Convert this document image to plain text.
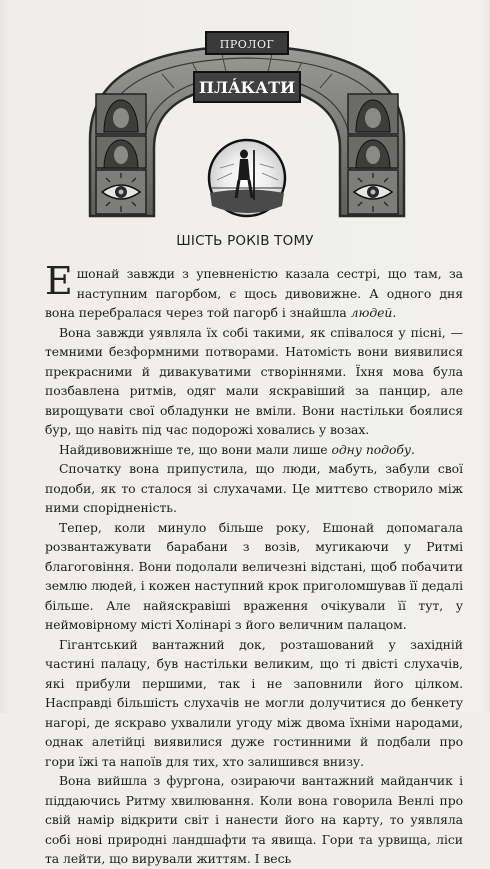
ПРОЛОГ
ПЛÁКАТИ
ШІСТЬ РОКІВ ТОМУ

Ешонай завжди з упевненістю казала сестрі, що там, за наступним пагорбом, є щось дивовижне. А одного дня вона перебралася через той пагорб і знайшла людей.

Вона завжди уявляла їх собі такими, як співалося у пісні, — темними безформними потворами. Натомість вони виявилися прекрасними й дивакуватими створіннями. Їхня мова була позбавлена ритмів, одяг мали яскравіший за панцир, але вирощувати свої обладунки не вміли. Вони настільки боялися бур, що навіть під час подорожі ховались у возах.

Найдивовижніше те, що вони мали лише одну подобу.

Спочатку вона припустила, що люди, мабуть, забули свої подоби, як то сталося зі слухачами. Це миттєво створило між ними спорідненість.

Тепер, коли минуло більше року, Ешонай допомагала розвантажувати барабани з возів, мугикаючи у Ритмі благоговіння. Вони подолали величезні відстані, щоб побачити землю людей, і кожен наступний крок приголомшував її дедалі більше. Але найяскравіші враження очікували її тут, у неймовірному місті Холінарі з його величним палацом.

Гігантський вантажний док, розташований у західній частині палацу, був настільки великим, що ті двісті слухачів, які прибули першими, так і не заповнили його цілком. Насправді більшість слухачів не могли долучитися до бенкету нагорі, де яскраво ухвалили угоду між двома їхніми народами, однак алетійці виявилися дуже гостинними й подбали про гори їжі та напоїв для тих, хто залишився внизу.

Вона вийшла з фургона, озираючи вантажний майданчик і піддаючись Ритму хвилювання. Коли вона говорила Венлі про свій намір відкрити світ і нанести його на карту, то уявляла собі нові природні ландшафти та явища. Гори та урвища, ліси та лейти, що вирували життям. І весь
